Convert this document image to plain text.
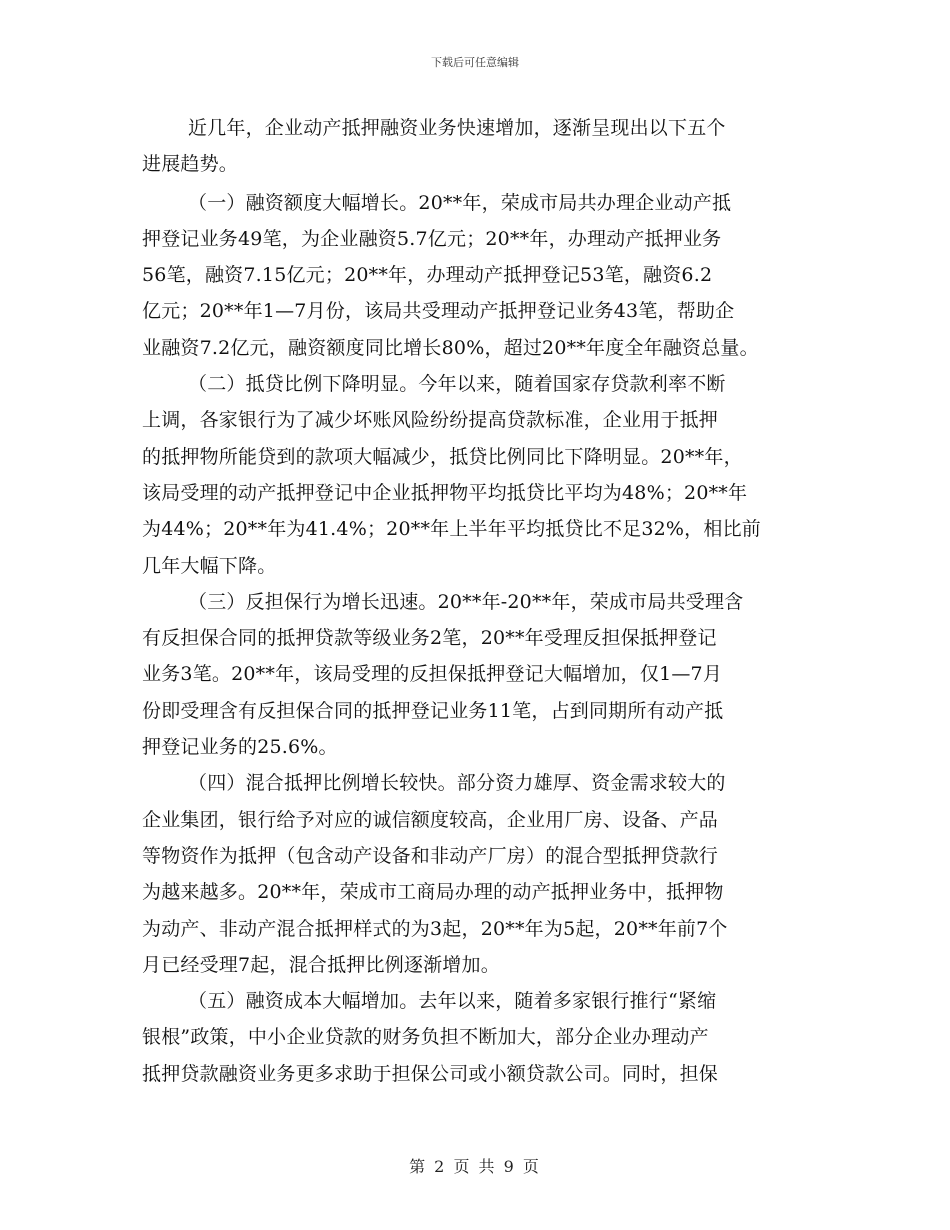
下载后可任意编辑

近几年，企业动产抵押融资业务快速增加，逐渐呈现出以下五个
进展趋势。

（一）融资额度大幅增长。20**年，荣成市局共办理企业动产抵
押登记业务49笔，为企业融资5.7亿元；20**年，办理动产抵押业务
56笔，融资7.15亿元；20**年，办理动产抵押登记53笔，融资6.2
亿元；20**年1—7月份，该局共受理动产抵押登记业务43笔，帮助企
业融资7.2亿元，融资额度同比增长80%，超过20**年度全年融资总量。

（二）抵贷比例下降明显。今年以来，随着国家存贷款利率不断
上调，各家银行为了减少坏账风险纷纷提高贷款标准，企业用于抵押
的抵押物所能贷到的款项大幅减少，抵贷比例同比下降明显。20**年，
该局受理的动产抵押登记中企业抵押物平均抵贷比平均为48%；20**年
为44%；20**年为41.4%；20**年上半年平均抵贷比不足32%，相比前
几年大幅下降。

（三）反担保行为增长迅速。20**年-20**年，荣成市局共受理含
有反担保合同的抵押贷款等级业务2笔，20**年受理反担保抵押登记
业务3笔。20**年，该局受理的反担保抵押登记大幅增加，仅1—7月
份即受理含有反担保合同的抵押登记业务11笔，占到同期所有动产抵
押登记业务的25.6%。

（四）混合抵押比例增长较快。部分资力雄厚、资金需求较大的
企业集团，银行给予对应的诚信额度较高，企业用厂房、设备、产品
等物资作为抵押（包含动产设备和非动产厂房）的混合型抵押贷款行
为越来越多。20**年，荣成市工商局办理的动产抵押业务中，抵押物
为动产、非动产混合抵押样式的为3起，20**年为5起，20**年前7个
月已经受理7起，混合抵押比例逐渐增加。

（五）融资成本大幅增加。去年以来，随着多家银行推行“紧缩
银根”政策，中小企业贷款的财务负担不断加大，部分企业办理动产
抵押贷款融资业务更多求助于担保公司或小额贷款公司。同时，担保

第 2 页 共 9 页
